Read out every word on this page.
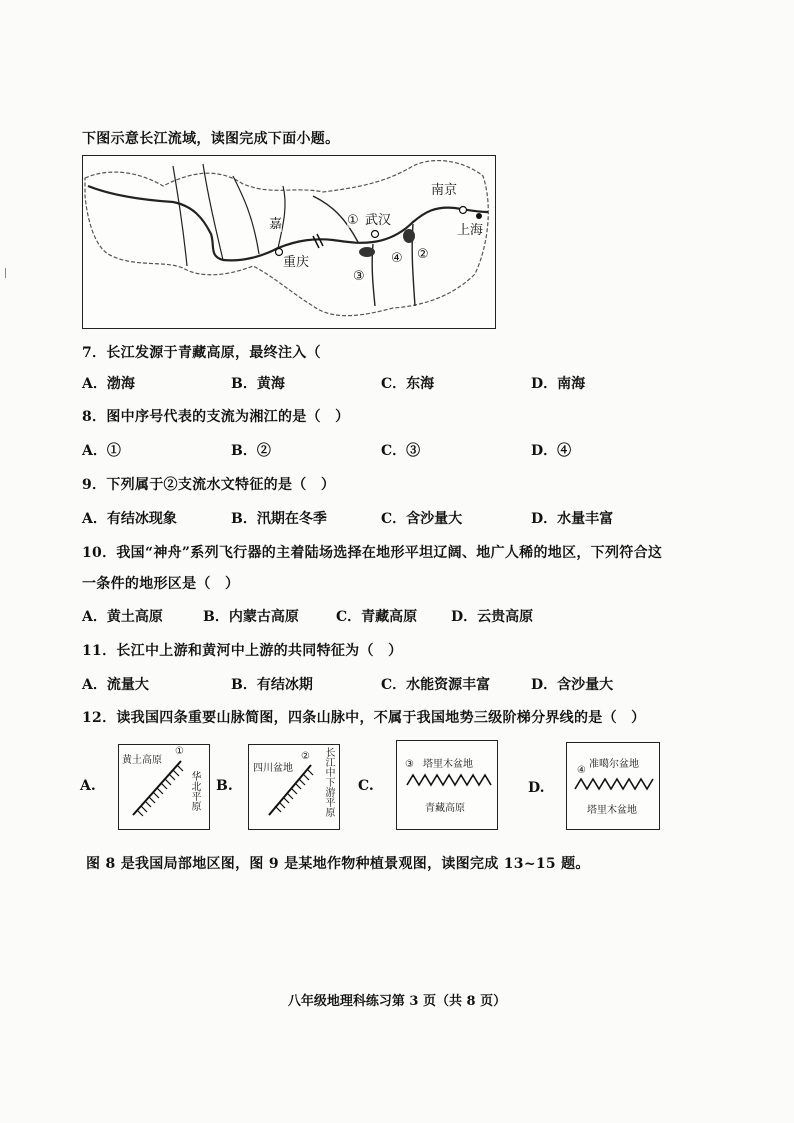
下图示意长江流域，读图完成下面小题。
南京
武汉
重庆
上海
①
②
③
④
嘉
7．长江发源于青藏高原，最终注入（
A．渤海	B．黄海	C．东海	D．南海
8．图中序号代表的支流为湘江的是（　）
A．①	B．②	C．③	D．④
9．下列属于②支流水文特征的是（　）
A．有结冰现象	B．汛期在冬季	C．含沙量大	D．水量丰富
10．我国“神舟”系列飞行器的主着陆场选择在地形平坦辽阔、地广人稀的地区，下列符合这
一条件的地形区是（　）
A．黄土高原	B．内蒙古高原	C．青藏高原 D．云贵高原
11．长江中上游和黄河中上游的共同特征为（　）
A．流量大	B．有结冰期	C．水能资源丰富	D．含沙量大
12．读我国四条重要山脉简图，四条山脉中，不属于我国地势三级阶梯分界线的是（　）
A.
黄土高原
①
华北平原 B.
四川盆地
② 长江中下游平原 C.
③ 塔里木盆地
青藏高原
D.
④
准噶尔盆地
塔里木盆地
图 8 是我国局部地区图，图 9 是某地作物种植景观图，读图完成 13~15 题。
八年级地理科练习第 3 页（共 8 页）
